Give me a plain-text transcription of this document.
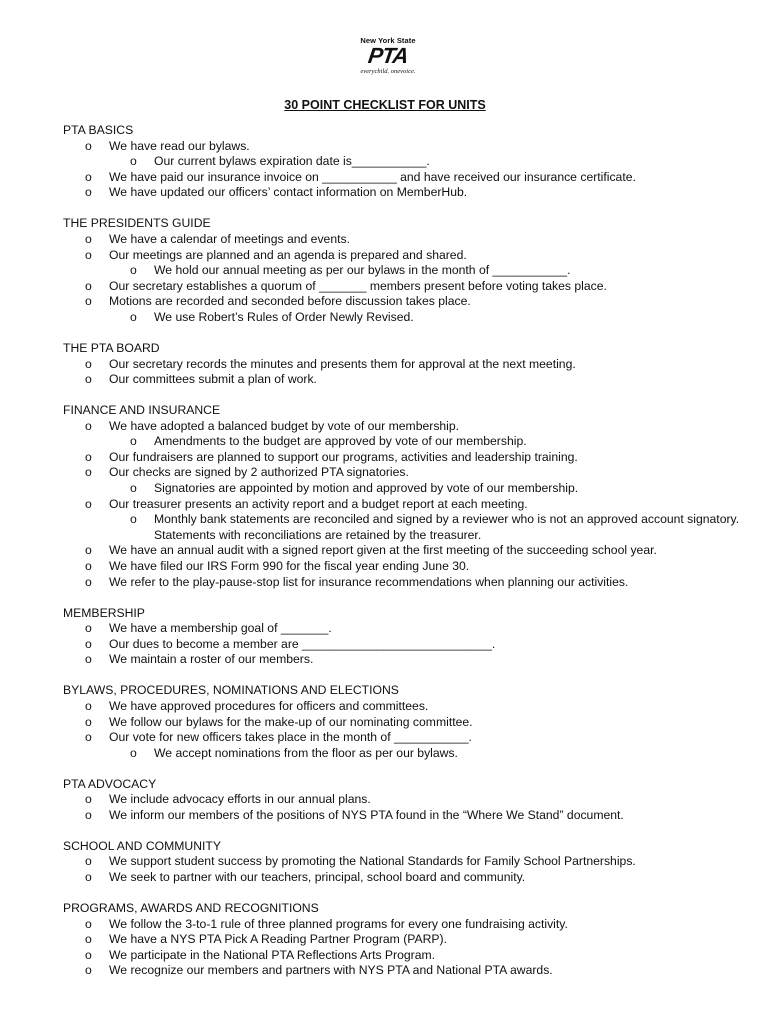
New York State
PTA
everychild. onevoice.
30 POINT CHECKLIST FOR UNITS
PTA BASICS
o We have read our bylaws.
o Our current bylaws expiration date is___________.
o We have paid our insurance invoice on ___________ and have received our insurance certificate.
o We have updated our officers’ contact information on MemberHub.
THE PRESIDENTS GUIDE
o We have a calendar of meetings and events.
o Our meetings are planned and an agenda is prepared and shared.
o We hold our annual meeting as per our bylaws in the month of ___________.
o Our secretary establishes a quorum of _______ members present before voting takes place.
o Motions are recorded and seconded before discussion takes place.
o We use Robert’s Rules of Order Newly Revised.
THE PTA BOARD
o Our secretary records the minutes and presents them for approval at the next meeting.
o Our committees submit a plan of work.
FINANCE AND INSURANCE
o We have adopted a balanced budget by vote of our membership.
o Amendments to the budget are approved by vote of our membership.
o Our fundraisers are planned to support our programs, activities and leadership training.
o Our checks are signed by 2 authorized PTA signatories.
o Signatories are appointed by motion and approved by vote of our membership.
o Our treasurer presents an activity report and a budget report at each meeting.
o Monthly bank statements are reconciled and signed by a reviewer who is not an approved account signatory. Statements with reconciliations are retained by the treasurer.
o We have an annual audit with a signed report given at the first meeting of the succeeding school year.
o We have filed our IRS Form 990 for the fiscal year ending June 30.
o We refer to the play-pause-stop list for insurance recommendations when planning our activities.
MEMBERSHIP
o We have a membership goal of _______.
o Our dues to become a member are ____________________________.
o We maintain a roster of our members.
BYLAWS, PROCEDURES, NOMINATIONS AND ELECTIONS
o We have approved procedures for officers and committees.
o We follow our bylaws for the make-up of our nominating committee.
o Our vote for new officers takes place in the month of ___________.
o We accept nominations from the floor as per our bylaws.
PTA ADVOCACY
o We include advocacy efforts in our annual plans.
o We inform our members of the positions of NYS PTA found in the “Where We Stand” document.
SCHOOL AND COMMUNITY
o We support student success by promoting the National Standards for Family School Partnerships.
o We seek to partner with our teachers, principal, school board and community.
PROGRAMS, AWARDS AND RECOGNITIONS
o We follow the 3-to-1 rule of three planned programs for every one fundraising activity.
o We have a NYS PTA Pick A Reading Partner Program (PARP).
o We participate in the National PTA Reflections Arts Program.
o We recognize our members and partners with NYS PTA and National PTA awards.
